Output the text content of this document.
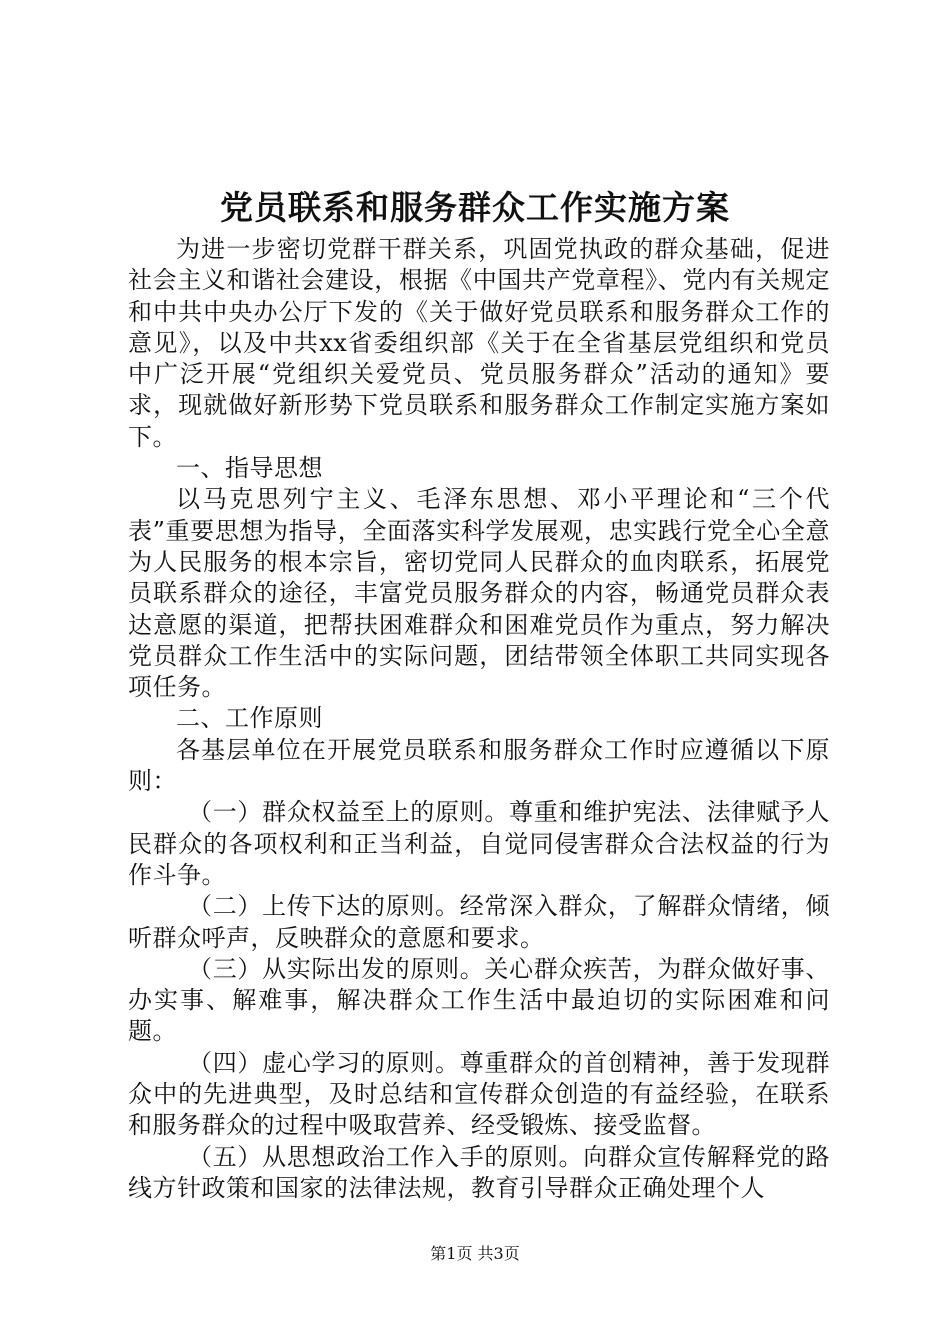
党员联系和服务群众工作实施方案

为进一步密切党群干群关系，巩固党执政的群众基础，促进社会主义和谐社会建设，根据《中国共产党章程》、党内有关规定和中共中央办公厅下发的《关于做好党员联系和服务群众工作的意见》，以及中共xx省委组织部《关于在全省基层党组织和党员中广泛开展“党组织关爱党员、党员服务群众”活动的通知》要求，现就做好新形势下党员联系和服务群众工作制定实施方案如下。

一、指导思想

以马克思列宁主义、毛泽东思想、邓小平理论和“三个代表”重要思想为指导，全面落实科学发展观，忠实践行党全心全意为人民服务的根本宗旨，密切党同人民群众的血肉联系，拓展党员联系群众的途径，丰富党员服务群众的内容，畅通党员群众表达意愿的渠道，把帮扶困难群众和困难党员作为重点，努力解决党员群众工作生活中的实际问题，团结带领全体职工共同实现各项任务。

二、工作原则

各基层单位在开展党员联系和服务群众工作时应遵循以下原则：

（一）群众权益至上的原则。尊重和维护宪法、法律赋予人民群众的各项权利和正当利益，自觉同侵害群众合法权益的行为作斗争。

（二）上传下达的原则。经常深入群众，了解群众情绪，倾听群众呼声，反映群众的意愿和要求。

（三）从实际出发的原则。关心群众疾苦，为群众做好事、办实事、解难事，解决群众工作生活中最迫切的实际困难和问题。

（四）虚心学习的原则。尊重群众的首创精神，善于发现群众中的先进典型，及时总结和宣传群众创造的有益经验，在联系和服务群众的过程中吸取营养、经受锻炼、接受监督。

（五）从思想政治工作入手的原则。向群众宣传解释党的路线方针政策和国家的法律法规，教育引导群众正确处理个人

第1页 共3页
